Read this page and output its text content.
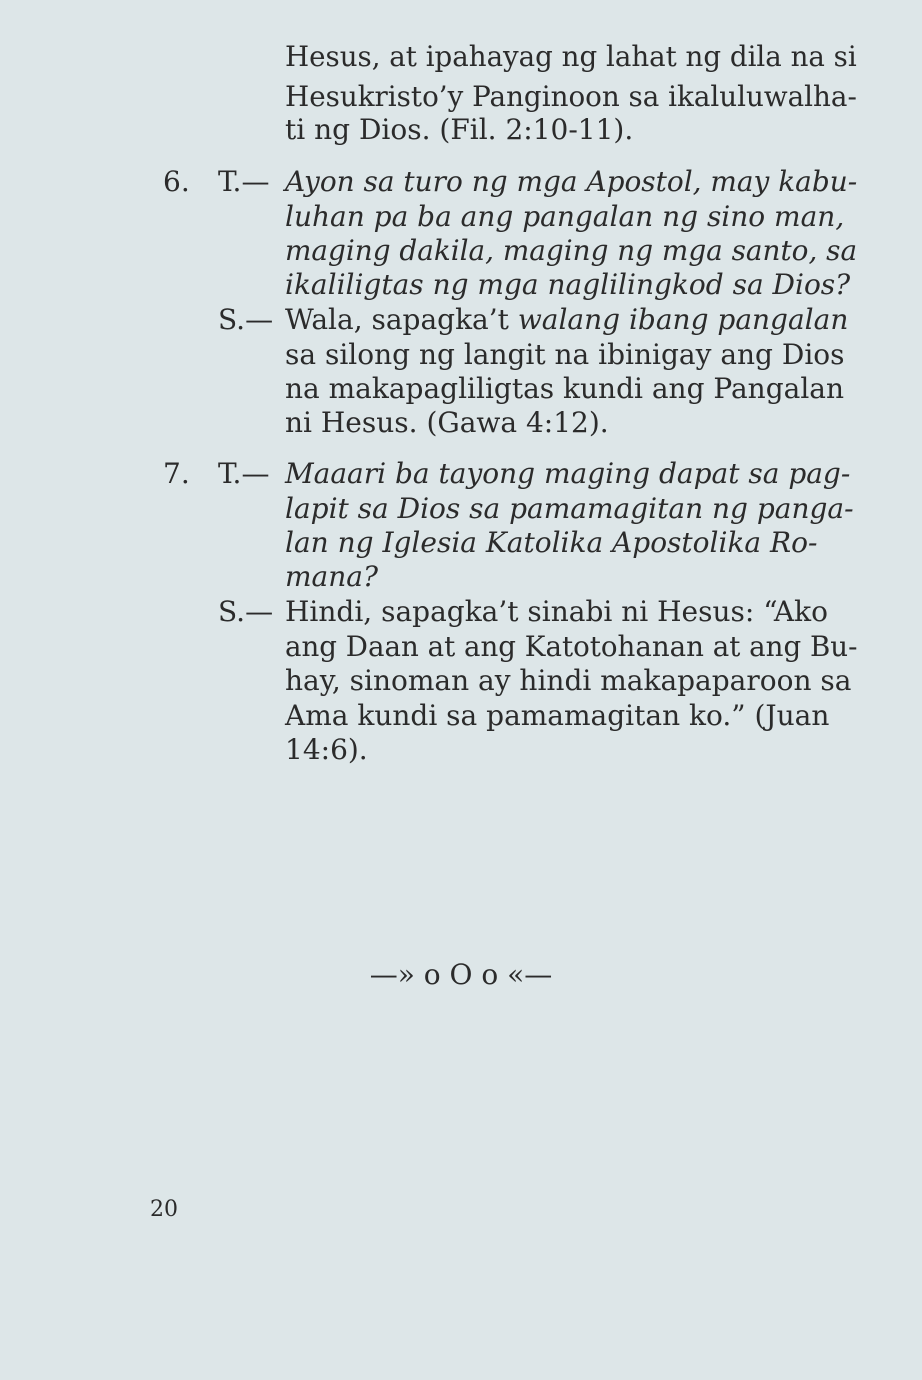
Hesus, at ipahayag ng lahat ng dila na si
Hesukristo’y Panginoon sa ikaluluwalha-
ti ng Dios. (Fil. 2:10-11).
6. T.— Ayon sa turo ng mga Apostol, may kabu-
luhan pa ba ang pangalan ng sino man,
maging dakila, maging ng mga santo, sa
ikaliligtas ng mga naglilingkod sa Dios?
S.— Wala, sapagka’t walang ibang pangalan
sa silong ng langit na ibinigay ang Dios
na makapagliligtas kundi ang Pangalan
ni Hesus. (Gawa 4:12).
7. T.— Maaari ba tayong maging dapat sa pag-
lapit sa Dios sa pamamagitan ng panga-
lan ng Iglesia Katolika Apostolika Ro-
mana?
S.— Hindi, sapagka’t sinabi ni Hesus: “Ako
ang Daan at ang Katotohanan at ang Bu-
hay, sinoman ay hindi makapaparoon sa
Ama kundi sa pamamagitan ko.” (Juan
14:6).
—» o O o «—
20
